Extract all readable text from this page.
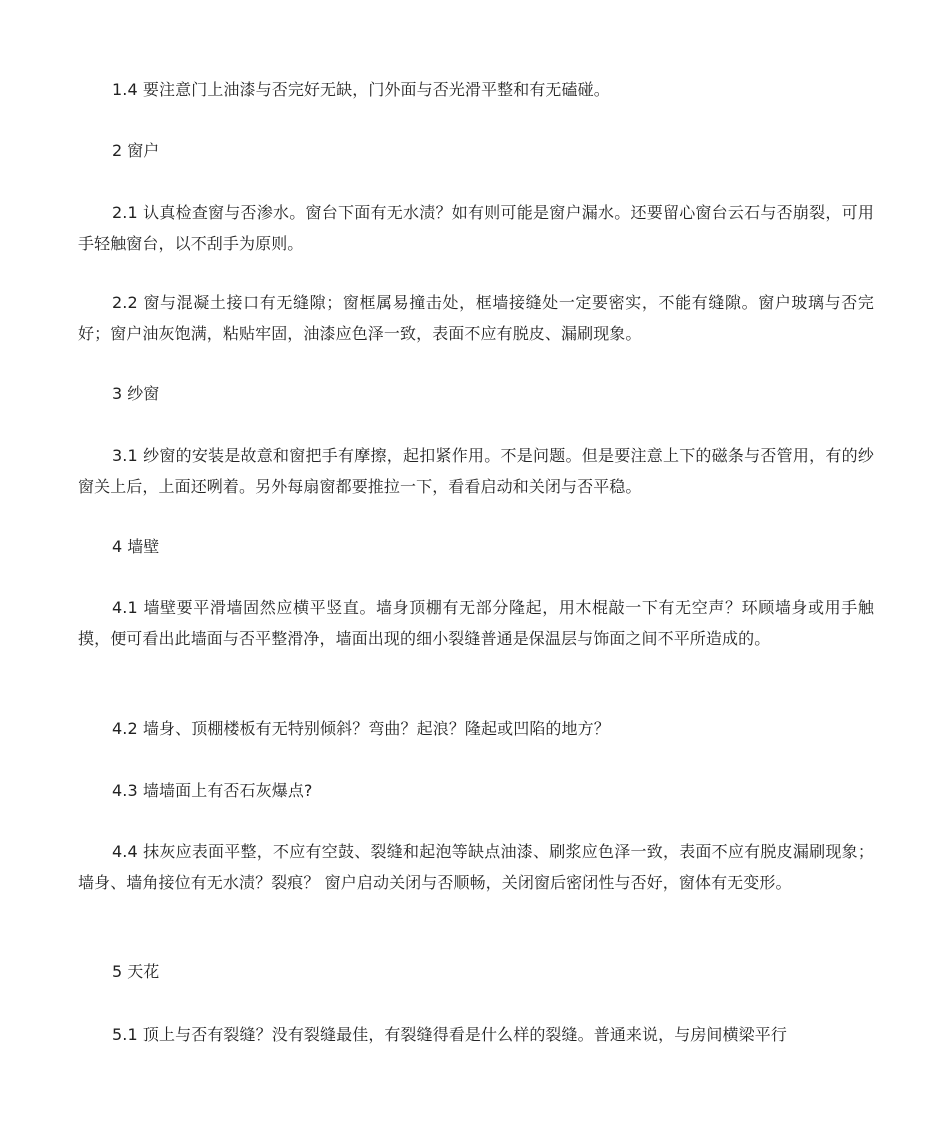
1.4 要注意门上油漆与否完好无缺，门外面与否光滑平整和有无磕碰。

2 窗户

2.1 认真检查窗与否渗水。窗台下面有无水渍？如有则可能是窗户漏水。还要留心窗台云石与否崩裂，可用手轻触窗台，以不刮手为原则。

2.2 窗与混凝土接口有无缝隙；窗框属易撞击处，框墙接缝处一定要密实，不能有缝隙。窗户玻璃与否完好；窗户油灰饱满，粘贴牢固，油漆应色泽一致，表面不应有脱皮、漏刷现象。

3 纱窗

3.1 纱窗的安装是故意和窗把手有摩擦，起扣紧作用。不是问题。但是要注意上下的磁条与否管用，有的纱窗关上后，上面还咧着。另外每扇窗都要推拉一下，看看启动和关闭与否平稳。

4 墙壁

4.1 墙壁要平滑墙固然应横平竖直。墙身顶棚有无部分隆起，用木棍敲一下有无空声？环顾墙身或用手触摸，便可看出此墙面与否平整滑净，墙面出现的细小裂缝普通是保温层与饰面之间不平所造成的。

4.2 墙身、顶棚楼板有无特别倾斜？弯曲？起浪？隆起或凹陷的地方？

4.3 墙墙面上有否石灰爆点?

4.4 抹灰应表面平整，不应有空鼓、裂缝和起泡等缺点油漆、刷浆应色泽一致，表面不应有脱皮漏刷现象；墙身、墙角接位有无水渍？裂痕？ 窗户启动关闭与否顺畅，关闭窗后密闭性与否好，窗体有无变形。

5 天花

5.1 顶上与否有裂缝？没有裂缝最佳，有裂缝得看是什么样的裂缝。普通来说，与房间横梁平行
